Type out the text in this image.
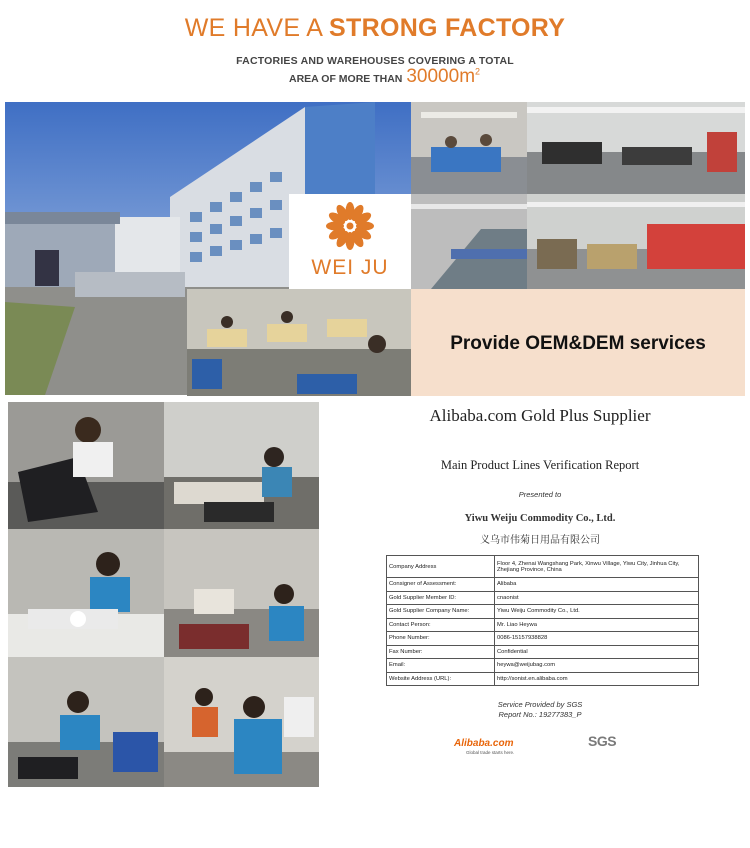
WE HAVE A STRONG FACTORY
FACTORIES AND WAREHOUSES COVERING A TOTAL
AREA OF MORE THAN $30000m^2$
WEI JU
Provide OEM&DEM services
Alibaba.com Gold Plus Supplier
Main Product Lines Verification Report
Presented to
Yiwu Weiju Commodity Co., Ltd.
义乌市伟菊日用品有限公司
Company Address	Floor 4, Zhenai Wangshang Park, Xinwu Village, Yiwu City, Jinhua City, Zhejiang Province, China
Consigner of Assessment:	Alibaba
Gold Supplier Member ID:	cnaonist
Gold Supplier Company Name:	Yiwu Weiju Commodity Co., Ltd.
Contact Person:	Mr. Liao Heywa
Phone Number:	0086-15157938828
Fax Number:	Confidential
Email:	heywa@weijubag.com
Website Address (URL):	http://sonist.en.alibaba.com
Service Provided by SGS
Report No.: 19277383_P
Alibaba.com
Global trade starts here.
SGS
